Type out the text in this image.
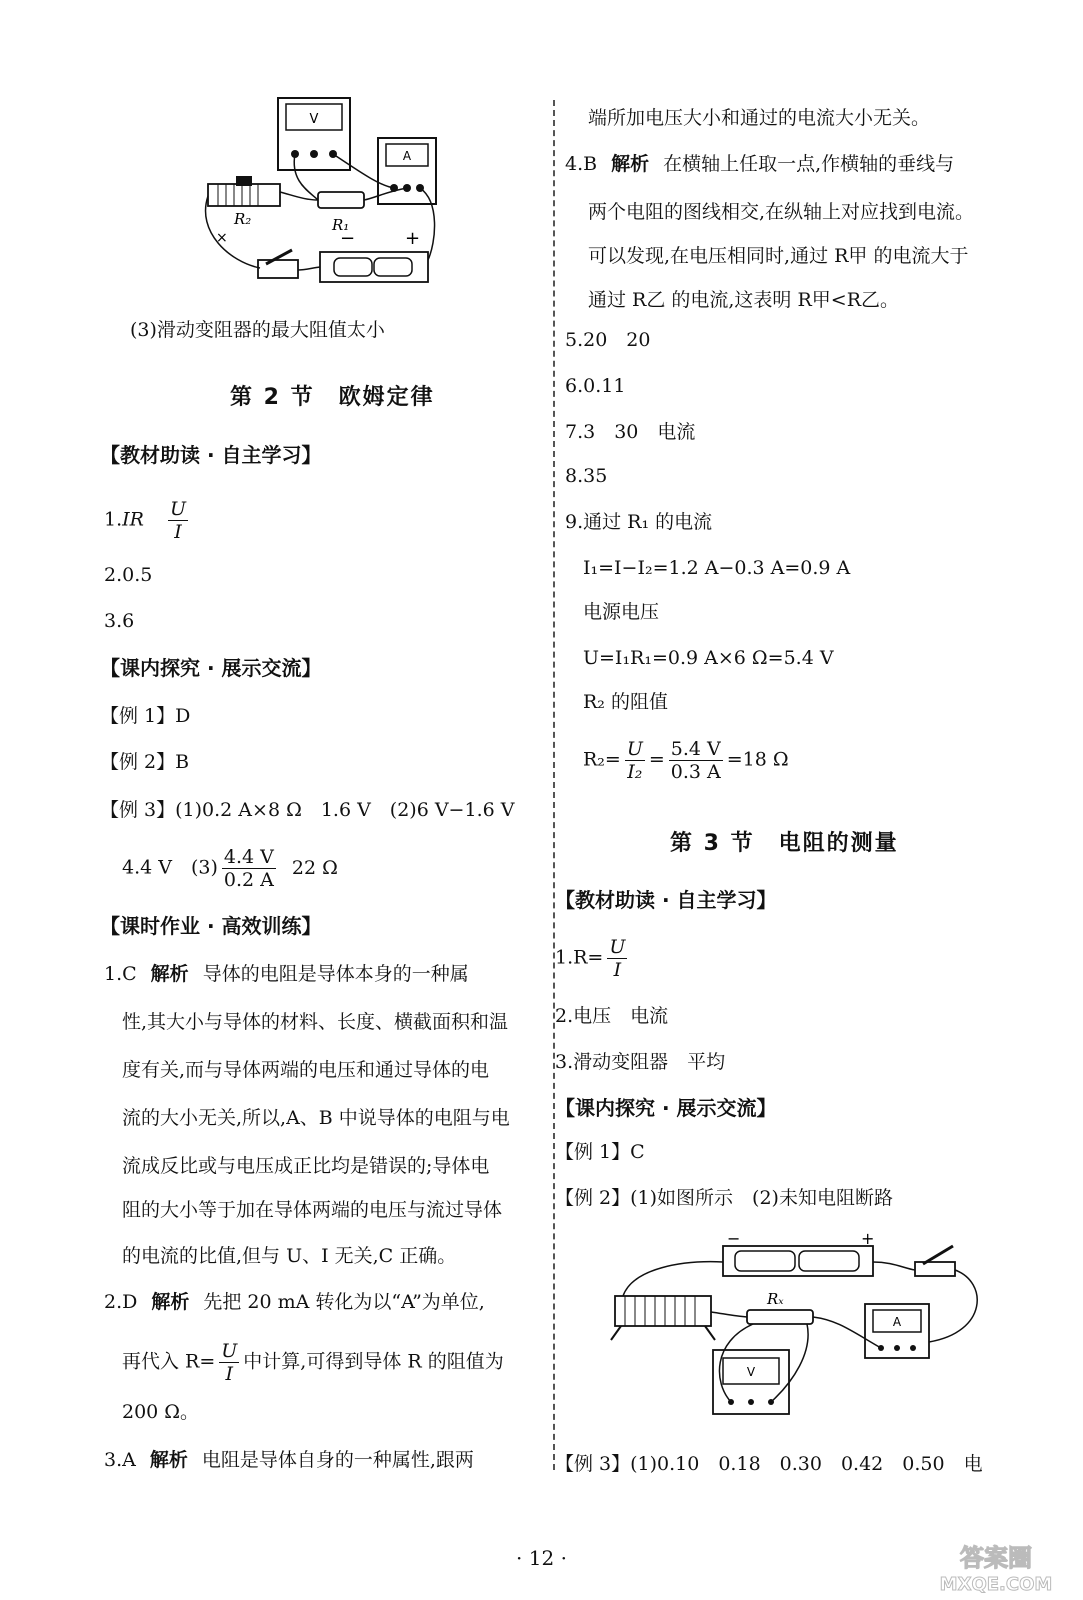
V
A
R₁
R₂
−	+
×
(3)滑动变阻器的最大阻值太小
第 2 节　欧姆定律
【教材助读 · 自主学习】
$1.IR \frac{U}{I}$
2.0.5
3.6
【课内探究 · 展示交流】
【例 1】D
【例 2】B
【例 3】(1)0.2 A×8 Ω　1.6 V　(2)6 V−1.6 V
4.4 V　$(3) \frac{4.4 V}{0.2 A} 22$ Ω
【课时作业 · 高效训练】
1.C 解析 导体的电阻是导体本身的一种属
性,其大小与导体的材料、长度、横截面积和温
度有关,而与导体两端的电压和通过导体的电
流的大小无关,所以,A、B 中说导体的电阻与电
流成反比或与电压成正比均是错误的;导体电
阻的大小等于加在导体两端的电压与流过导体
的电流的比值,但与 U、I 无关,C 正确。
2.D 解析 先把 20 mA 转化为以“A”为单位,
再代入 $R= \frac{U}{I}$ 中计算,可得到导体 R 的阻值为
200 Ω。
3.A 解析 电阻是导体自身的一种属性,跟两
端所加电压大小和通过的电流大小无关。
4.B 解析 在横轴上任取一点,作横轴的垂线与
两个电阻的图线相交,在纵轴上对应找到电流。
可以发现,在电压相同时,通过 R甲 的电流大于
通过 R乙 的电流,这表明 R甲<R乙。
5.20　20
6.0.11
7.3　30　电流
8.35
9.通过 R₁ 的电流
I₁=I−I₂=1.2 A−0.3 A=0.9 A
电源电压
U=I₁R₁=0.9 A×6 Ω=5.4 V
R₂ 的阻值
$R_2= \frac{U}{\text{I₂}} = \frac{5.4 V}{0.3 A} =18$ Ω
第 3 节　电阻的测量
【教材助读 · 自主学习】
$1.R= \frac{U}{I}$
2.电压　电流
3.滑动变阻器　平均
【课内探究 · 展示交流】
【例 1】C
【例 2】(1)如图所示　(2)未知电阻断路
−	+
Rₓ
A
V
【例 3】(1)0.10　0.18　0.30　0.42　0.50　电
· 12 ·	答案圈
MXQE.COM
